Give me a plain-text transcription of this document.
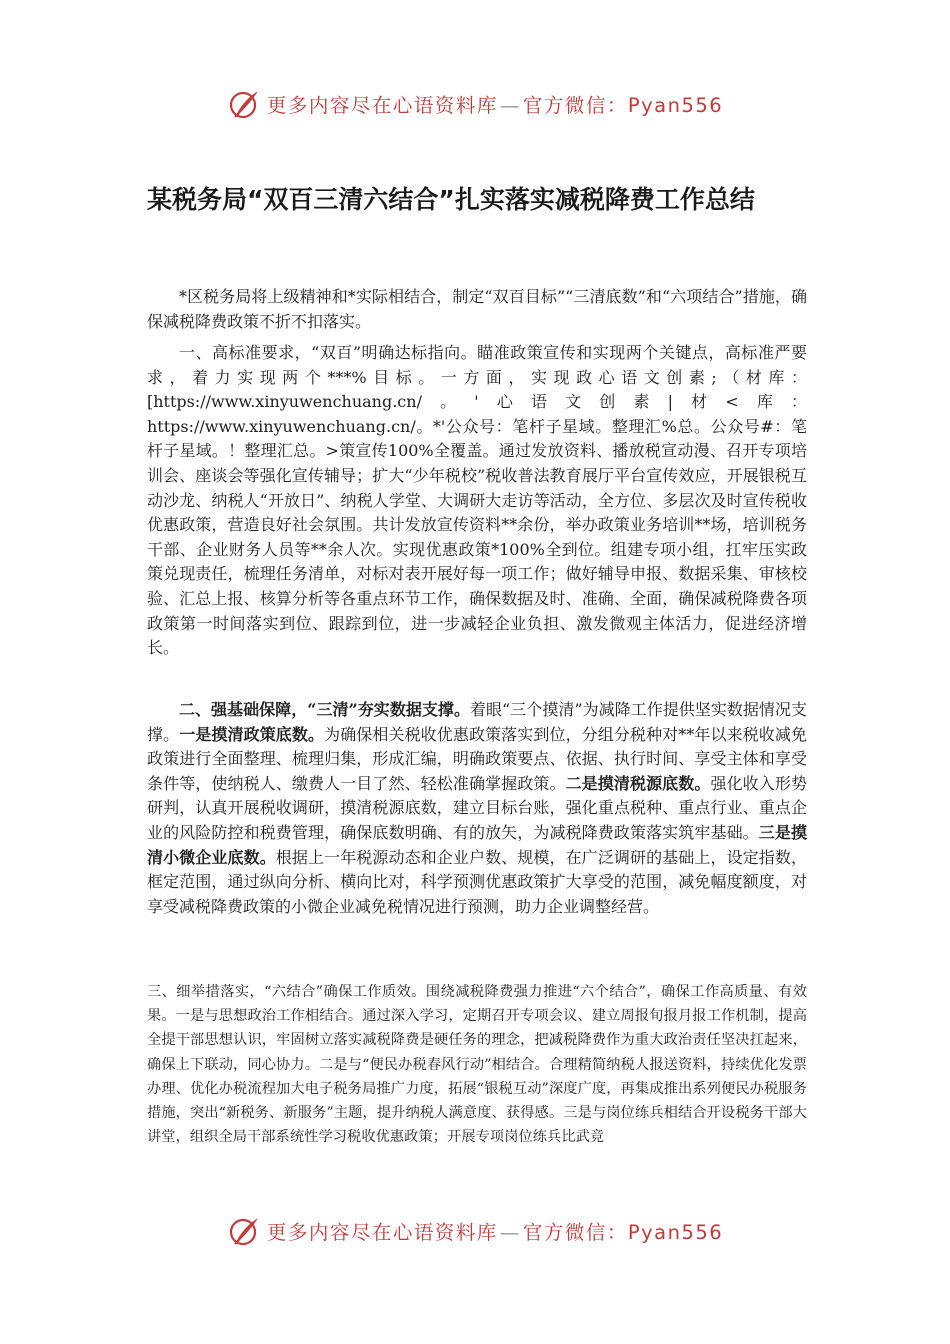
更多内容尽在心语资料库 — 官方微信：Pyan556
某税务局“双百三清六结合”扎实落实减税降费工作总结

*区税务局将上级精神和*实际相结合，制定“双百目标”“三清底数”和“六项结合”措施，确保减税降费政策不折不扣落实。

一、高标准要求，“双百”明确达标指向。瞄准政策宣传和实现两个关键点，高标准严要求，着力实现两个***%目标。一方面，实现政心语文创素;（材库：[https://www.xinyuwenchuang.cn/。'心语文创素|材<库：https://www.xinyuwenchuang.cn/。*'公众号：笔杆子星域。整理汇%总。公众号#：笔杆子星域。！整理汇总。>策宣传100%全覆盖。通过发放资料、播放税宣动漫、召开专项培训会、座谈会等强化宣传辅导；扩大“少年税校”税收普法教育展厅平台宣传效应，开展银税互动沙龙、纳税人“开放日”、纳税人学堂、大调研大走访等活动，全方位、多层次及时宣传税收优惠政策，营造良好社会氛围。共计发放宣传资料**余份，举办政策业务培训**场，培训税务干部、企业财务人员等**余人次。实现优惠政策*100%全到位。组建专项小组，扛牢压实政策兑现责任，梳理任务清单，对标对表开展好每一项工作；做好辅导申报、数据采集、审核校验、汇总上报、核算分析等各重点环节工作，确保数据及时、准确、全面，确保减税降费各项政策第一时间落实到位、跟踪到位，进一步减轻企业负担、激发微观主体活力，促进经济增长。

二、强基础保障，“三清”夯实数据支撑。着眼“三个摸清”为减降工作提供坚实数据情况支撑。一是摸清政策底数。为确保相关税收优惠政策落实到位，分组分税种对**年以来税收减免政策进行全面整理、梳理归集，形成汇编，明确政策要点、依据、执行时间、享受主体和享受条件等，使纳税人、缴费人一目了然、轻松准确掌握政策。二是摸清税源底数。强化收入形势研判，认真开展税收调研，摸清税源底数，建立目标台账，强化重点税种、重点行业、重点企业的风险防控和税费管理，确保底数明确、有的放矢，为减税降费政策落实筑牢基础。三是摸清小微企业底数。根据上一年税源动态和企业户数、规模，在广泛调研的基础上，设定指数，框定范围，通过纵向分析、横向比对，科学预测优惠政策扩大享受的范围，减免幅度额度，对享受减税降费政策的小微企业减免税情况进行预测，助力企业调整经营。

三、细举措落实，“六结合”确保工作质效。围绕减税降费强力推进“六个结合”，确保工作高质量、有效果。一是与思想政治工作相结合。通过深入学习，定期召开专项会议、建立周报旬报月报工作机制，提高全提干部思想认识，牢固树立落实减税降费是硬任务的理念，把减税降费作为重大政治责任坚决扛起来，确保上下联动，同心协力。二是与“便民办税春风行动”相结合。合理精简纳税人报送资料，持续优化发票办理、优化办税流程加大电子税务局推广力度，拓展“银税互动”深度广度，再集成推出系列便民办税服务措施，突出“新税务、新服务”主题，提升纳税人满意度、获得感。三是与岗位练兵相结合开设税务干部大讲堂，组织全局干部系统性学习税收优惠政策；开展专项岗位练兵比武竞

更多内容尽在心语资料库 — 官方微信：Pyan556
